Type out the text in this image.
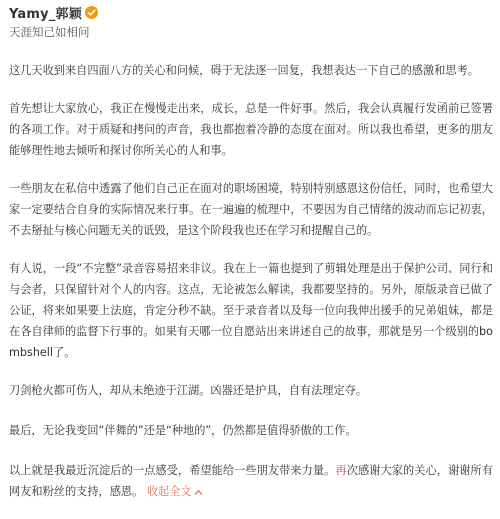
Yamy_郭颖
天涯知己如相问

这几天收到来自四面八方的关心和问候，碍于无法逐一回复，我想表达一下自己的感激和思考。

首先想让大家放心，我正在慢慢走出来，成长，总是一件好事。然后，我会认真履行发函前已签署的各项工作。对于质疑和拷问的声音，我也都抱着冷静的态度在面对。所以我也希望，更多的朋友能够理性地去倾听和探讨你所关心的人和事。

一些朋友在私信中透露了他们自己正在面对的职场困境，特别特别感恩这份信任，同时，也希望大家一定要结合自身的实际情况来行事。在一遍遍的梳理中，不要因为自己情绪的波动而忘记初衷，不去掰扯与核心问题无关的诋毁，是这个阶段我也还在学习和提醒自己的。

有人说，一段“不完整”录音容易招来非议。我在上一篇也提到了剪辑处理是出于保护公司、同行和与会者，只保留针对个人的内容。这点，无论被怎么解读，我都要坚持的。另外，原版录音已做了公证，将来如果要上法庭，肯定分秒不缺。至于录音者以及每一位向我伸出援手的兄弟姐妹，都是在各自律师的监督下行事的。如果有天哪一位自愿站出来讲述自己的故事，那就是另一个级别的bombshell了。

刀剑枪火都可伤人，却从未绝迹于江湖。凶器还是护具，自有法理定夺。

最后，无论我变回“伴舞的”还是“种地的”，仍然都是值得骄傲的工作。

以上就是我最近沉淀后的一点感受，希望能给一些朋友带来力量。再次感谢大家的关心，谢谢所有网友和粉丝的支持，感恩。 收起全文
